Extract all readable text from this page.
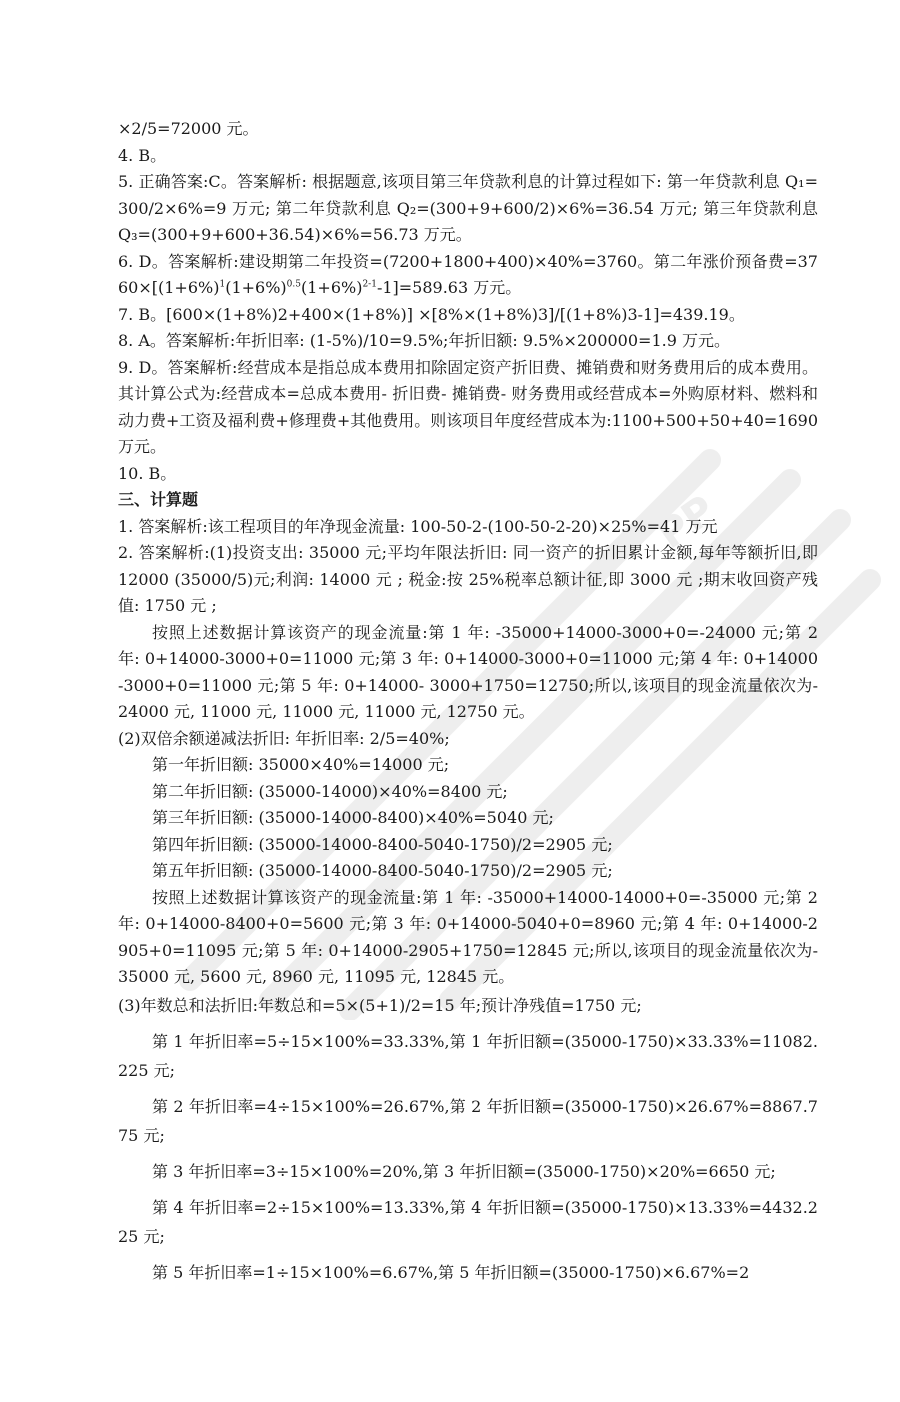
PP

×2/5=72000 元。

4. B。

5. 正确答案:C。答案解析: 根据题意,该项目第三年贷款利息的计算过程如下: 第一年贷款利息 Q₁=300/2×6%=9 万元; 第二年贷款利息 Q₂=(300+9+600/2)×6%=36.54 万元; 第三年贷款利息 Q₃=(300+9+600+36.54)×6%=56.73 万元。

6. D。答案解析:建设期第二年投资=(7200+1800+400)×40%=3760。第二年涨价预备费$=3760\times[(1+6\%)^1(1+6\%)^{0.5}(1+6\%)^{2-1}-1]=589.63$ 万元。

7. B。[600×(1+8%)2+400×(1+8%)] ×[8%×(1+8%)3]/[(1+8%)3-1]=439.19。

8. A。答案解析:年折旧率: (1-5%)/10=9.5%;年折旧额: 9.5%×200000=1.9 万元。

9. D。答案解析:经营成本是指总成本费用扣除固定资产折旧费、摊销费和财务费用后的成本费用。其计算公式为:经营成本=总成本费用- 折旧费- 摊销费- 财务费用或经营成本=外购原材料、燃料和动力费+工资及福利费+修理费+其他费用。则该项目年度经营成本为:1100+500+50+40=1690 万元。

10. B。

三、计算题

1. 答案解析:该工程项目的年净现金流量: 100-50-2-(100-50-2-20)×25%=41 万元

2. 答案解析:(1)投资支出: 35000 元;平均年限法折旧: 同一资产的折旧累计金额,每年等额折旧,即 12000 (35000/5)元;利润: 14000 元 ; 税金:按 25%税率总额计征,即 3000 元 ;期末收回资产残值: 1750 元 ;

按照上述数据计算该资产的现金流量:第 1 年: -35000+14000-3000+0=-24000 元;第 2 年: 0+14000-3000+0=11000 元;第 3 年: 0+14000-3000+0=11000 元;第 4 年: 0+14000-3000+0=11000 元;第 5 年: 0+14000- 3000+1750=12750;所以,该项目的现金流量依次为-24000 元, 11000 元, 11000 元, 11000 元, 12750 元。

(2)双倍余额递减法折旧: 年折旧率: 2/5=40%;

第一年折旧额: 35000×40%=14000 元;

第二年折旧额: (35000-14000)×40%=8400 元;

第三年折旧额: (35000-14000-8400)×40%=5040 元;

第四年折旧额: (35000-14000-8400-5040-1750)/2=2905 元;

第五年折旧额: (35000-14000-8400-5040-1750)/2=2905 元;

按照上述数据计算该资产的现金流量:第 1 年: -35000+14000-14000+0=-35000 元;第 2 年: 0+14000-8400+0=5600 元;第 3 年: 0+14000-5040+0=8960 元;第 4 年: 0+14000-2905+0=11095 元;第 5 年: 0+14000-2905+1750=12845 元;所以,该项目的现金流量依次为-35000 元, 5600 元, 8960 元, 11095 元, 12845 元。

(3)年数总和法折旧:年数总和=5×(5+1)/2=15 年;预计净残值=1750 元;

第 1 年折旧率=5÷15×100%=33.33%,第 1 年折旧额=(35000-1750)×33.33%=11082.225 元;

第 2 年折旧率=4÷15×100%=26.67%,第 2 年折旧额=(35000-1750)×26.67%=8867.775 元;

第 3 年折旧率=3÷15×100%=20%,第 3 年折旧额=(35000-1750)×20%=6650 元;

第 4 年折旧率=2÷15×100%=13.33%,第 4 年折旧额=(35000-1750)×13.33%=4432.225 元;

第 5 年折旧率=1÷15×100%=6.67%,第 5 年折旧额=(35000-1750)×6.67%=2
